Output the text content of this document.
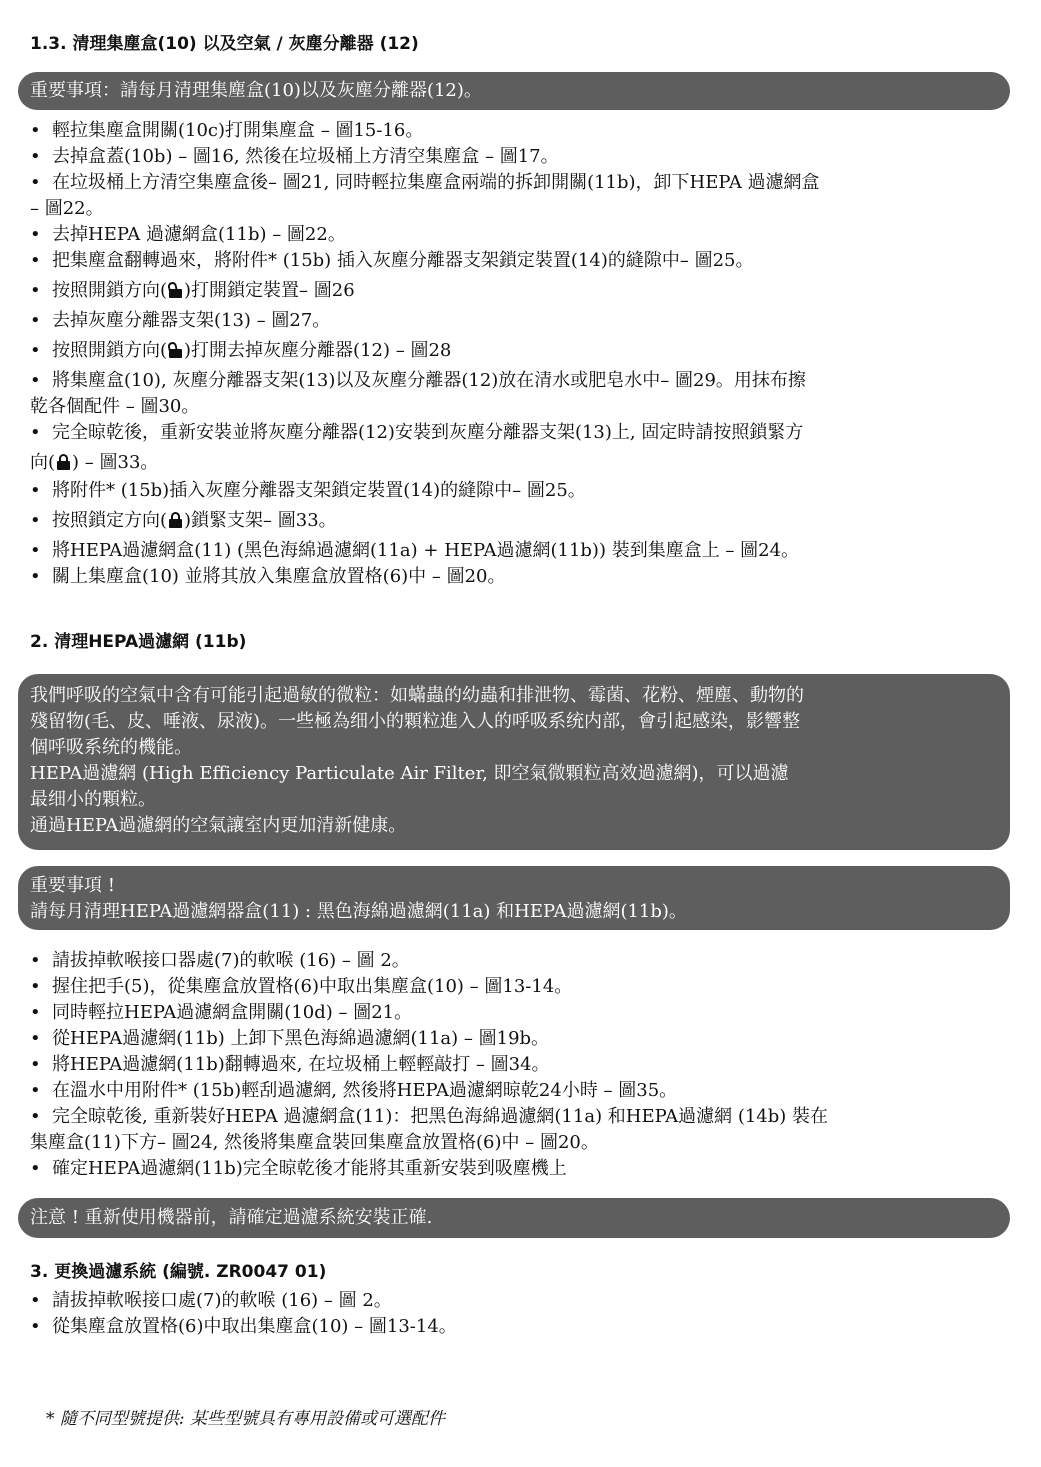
1.3. 清理集塵盒(10) 以及空氣 / 灰塵分離器 (12)
重要事項：請每月清理集塵盒(10)以及灰塵分離器(12)。
• 輕拉集塵盒開關(10c)打開集塵盒 – 圖15-16。
• 去掉盒蓋(10b) – 圖16, 然後在垃圾桶上方清空集塵盒 – 圖17。
• 在垃圾桶上方清空集塵盒後– 圖21, 同時輕拉集塵盒兩端的拆卸開關(11b)，卸下HEPA 過濾網盒
– 圖22。
• 去掉HEPA 過濾網盒(11b) – 圖22。
• 把集塵盒翻轉過來，將附件* (15b) 插入灰塵分離器支架鎖定裝置(14)的縫隙中– 圖25。
• 按照開鎖方向( )打開鎖定裝置– 圖26
• 去掉灰塵分離器支架(13) – 圖27。
• 按照開鎖方向( )打開去掉灰塵分離器(12) – 圖28
• 將集塵盒(10), 灰塵分離器支架(13)以及灰塵分離器(12)放在清水或肥皂水中– 圖29。用抹布擦
乾各個配件 – 圖30。
• 完全晾乾後，重新安裝並將灰塵分離器(12)安裝到灰塵分離器支架(13)上, 固定時請按照鎖緊方
向( ) – 圖33。
• 將附件* (15b)插入灰塵分離器支架鎖定裝置(14)的縫隙中– 圖25。
• 按照鎖定方向( )鎖緊支架– 圖33。
• 將HEPA過濾網盒(11) (黑色海綿過濾網(11a) + HEPA過濾網(11b)) 裝到集塵盒上 – 圖24。
• 關上集塵盒(10) 並將其放入集塵盒放置格(6)中 – 圖20。
2. 清理HEPA過濾網 (11b)
我們呼吸的空氣中含有可能引起過敏的微粒：如蟎蟲的幼蟲和排泄物、霉菌、花粉、煙塵、動物的
殘留物(毛、皮、唾液、尿液)。一些極為细小的顆粒進入人的呼吸系统内部，會引起感染，影響整
個呼吸系统的機能。
HEPA過濾網 (High Efficiency Particulate Air Filter, 即空氣微顆粒高效過濾網)，可以過濾
最细小的顆粒。
通過HEPA過濾網的空氣讓室内更加清新健康。
重要事項 !
請每月清理HEPA過濾網器盒(11) : 黑色海綿過濾網(11a) 和HEPA過濾網(11b)。
• 請拔掉軟喉接口器處(7)的軟喉 (16) – 圖 2。
• 握住把手(5)，從集塵盒放置格(6)中取出集塵盒(10) – 圖13-14。
• 同時輕拉HEPA過濾網盒開關(10d) – 圖21。
• 從HEPA過濾網(11b) 上卸下黑色海綿過濾網(11a) – 圖19b。
• 將HEPA過濾網(11b)翻轉過來, 在垃圾桶上輕輕敲打 – 圖34。
• 在溫水中用附件* (15b)輕刮過濾網, 然後將HEPA過濾網晾乾24小時 – 圖35。
• 完全晾乾後, 重新裝好HEPA 過濾網盒(11)：把黑色海綿過濾網(11a) 和HEPA過濾網 (14b) 裝在
集塵盒(11)下方– 圖24, 然後將集塵盒裝回集塵盒放置格(6)中 – 圖20。
• 確定HEPA過濾網(11b)完全晾乾後才能將其重新安裝到吸塵機上
注意 ! 重新使用機器前，請確定過濾系統安裝正確.
3. 更換過濾系統 (編號. ZR0047 01)
• 請拔掉軟喉接口處(7)的軟喉 (16) – 圖 2。
• 從集塵盒放置格(6)中取出集塵盒(10) – 圖13-14。
* 隨不同型號提供: 某些型號具有專用設備或可選配件
